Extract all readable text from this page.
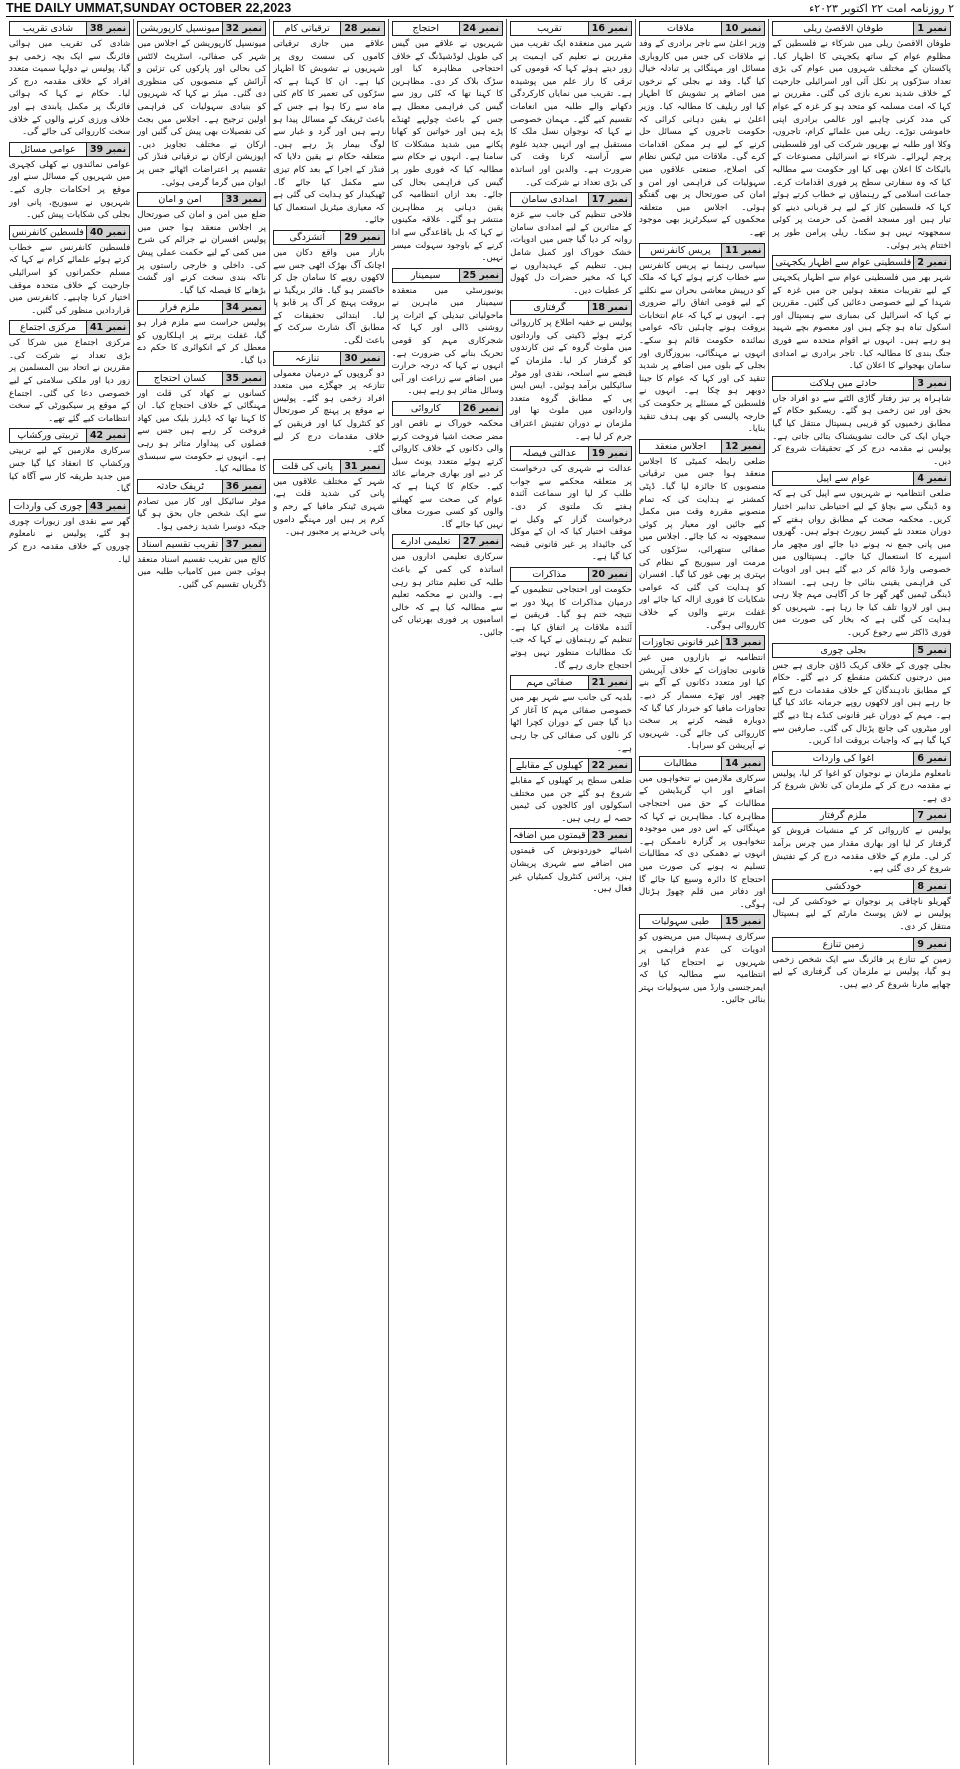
THE DAILY UMMAT,SUNDAY OCTOBER 22,2023	۲ روزنامہ امت ۲۲ اکتوبر ۲۰۲۳ء
نمبر 1
طوفان الاقصیٰ ریلی

طوفان الاقصیٰ ریلی میں شرکاء نے فلسطین کے مظلوم عوام کے ساتھ یکجہتی کا اظہار کیا۔ پاکستان کے مختلف شہروں میں عوام کی بڑی تعداد سڑکوں پر نکل آئی اور اسرائیلی جارحیت کے خلاف شدید نعرے بازی کی گئی۔ مقررین نے کہا کہ امت مسلمہ کو متحد ہو کر غزہ کے عوام کی مدد کرنی چاہیے اور عالمی برادری اپنی خاموشی توڑے۔ ریلی میں علمائے کرام، تاجروں، وکلا اور طلبہ نے بھرپور شرکت کی اور فلسطینی پرچم لہرائے۔ شرکاء نے اسرائیلی مصنوعات کے بائیکاٹ کا اعلان بھی کیا اور حکومت سے مطالبہ کیا کہ وہ سفارتی سطح پر فوری اقدامات کرے۔ جماعت اسلامی کے رہنماؤں نے خطاب کرتے ہوئے کہا کہ فلسطین کاز کے لیے ہر قربانی دینے کو تیار ہیں اور مسجد اقصیٰ کی حرمت پر کوئی سمجھوتہ نہیں ہو سکتا۔ ریلی پرامن طور پر اختتام پذیر ہوئی۔

نمبر 2
فلسطینی عوام سے اظہار یکجہتی

شہر بھر میں فلسطینی عوام سے اظہار یکجہتی کے لیے تقریبات منعقد ہوئیں جن میں غزہ کے شہدا کے لیے خصوصی دعائیں کی گئیں۔ مقررین نے کہا کہ اسرائیل کی بمباری سے ہسپتال اور اسکول تباہ ہو چکے ہیں اور معصوم بچے شہید ہو رہے ہیں۔ انہوں نے اقوام متحدہ سے فوری جنگ بندی کا مطالبہ کیا۔ تاجر برادری نے امدادی سامان بھجوانے کا اعلان کیا۔

نمبر 3
حادثے میں ہلاکت

شاہراہ پر تیز رفتار گاڑی الٹنے سے دو افراد جاں بحق اور تین زخمی ہو گئے۔ ریسکیو حکام کے مطابق زخمیوں کو قریبی ہسپتال منتقل کیا گیا جہاں ایک کی حالت تشویشناک بتائی جاتی ہے۔ پولیس نے مقدمہ درج کر کے تحقیقات شروع کر دیں۔

نمبر 4
عوام سے اپیل

ضلعی انتظامیہ نے شہریوں سے اپیل کی ہے کہ وہ ڈینگی سے بچاؤ کے لیے احتیاطی تدابیر اختیار کریں۔ محکمہ صحت کے مطابق رواں ہفتے کے دوران متعدد نئے کیسز رپورٹ ہوئے ہیں۔ گھروں میں پانی جمع نہ ہونے دیا جائے اور مچھر مار اسپرے کا استعمال کیا جائے۔ ہسپتالوں میں خصوصی وارڈ قائم کر دیے گئے ہیں اور ادویات کی فراہمی یقینی بنائی جا رہی ہے۔ انسداد ڈینگی ٹیمیں گھر گھر جا کر آگاہی مہم چلا رہی ہیں اور لاروا تلف کیا جا رہا ہے۔ شہریوں کو ہدایت کی گئی ہے کہ بخار کی صورت میں فوری ڈاکٹر سے رجوع کریں۔

نمبر 5
بجلی چوری

بجلی چوری کے خلاف کریک ڈاؤن جاری ہے جس میں درجنوں کنکشن منقطع کر دیے گئے۔ حکام کے مطابق نادہندگان کے خلاف مقدمات درج کیے جا رہے ہیں اور لاکھوں روپے جرمانہ عائد کیا گیا ہے۔ مہم کے دوران غیر قانونی کنڈے ہٹا دیے گئے اور میٹروں کی جانچ پڑتال کی گئی۔ صارفین سے کہا گیا ہے کہ واجبات بروقت ادا کریں۔

نمبر 6
اغوا کی واردات

نامعلوم ملزمان نے نوجوان کو اغوا کر لیا، پولیس نے مقدمہ درج کر کے ملزمان کی تلاش شروع کر دی ہے۔

نمبر 7
ملزم گرفتار

پولیس نے کارروائی کر کے منشیات فروش کو گرفتار کر لیا اور بھاری مقدار میں چرس برآمد کر لی۔ ملزم کے خلاف مقدمہ درج کر کے تفتیش شروع کر دی گئی ہے۔

نمبر 8
خودکشی

گھریلو ناچاقی پر نوجوان نے خودکشی کر لی، پولیس نے لاش پوسٹ مارٹم کے لیے ہسپتال منتقل کر دی۔

نمبر 9
زمین تنازع

زمین کے تنازع پر فائرنگ سے ایک شخص زخمی ہو گیا، پولیس نے ملزمان کی گرفتاری کے لیے چھاپے مارنا شروع کر دیے ہیں۔

نمبر 10
ملاقات

وزیر اعلیٰ سے تاجر برادری کے وفد نے ملاقات کی جس میں کاروباری مسائل اور مہنگائی پر تبادلہ خیال کیا گیا۔ وفد نے بجلی کے نرخوں میں اضافے پر تشویش کا اظہار کیا اور ریلیف کا مطالبہ کیا۔ وزیر اعلیٰ نے یقین دہانی کرائی کہ حکومت تاجروں کے مسائل حل کرنے کے لیے ہر ممکن اقدامات کرے گی۔ ملاقات میں ٹیکس نظام کی اصلاح، صنعتی علاقوں میں سہولیات کی فراہمی اور امن و امان کی صورتحال پر بھی گفتگو ہوئی۔ اجلاس میں متعلقہ محکموں کے سیکرٹریز بھی موجود تھے۔

نمبر 11
پریس کانفرنس

سیاسی رہنما نے پریس کانفرنس سے خطاب کرتے ہوئے کہا کہ ملک کو درپیش معاشی بحران سے نکلنے کے لیے قومی اتفاق رائے ضروری ہے۔ انہوں نے کہا کہ عام انتخابات بروقت ہونے چاہئیں تاکہ عوامی نمائندہ حکومت قائم ہو سکے۔ انہوں نے مہنگائی، بیروزگاری اور بجلی کے بلوں میں اضافے پر شدید تنقید کی اور کہا کہ عوام کا جینا دوبھر ہو چکا ہے۔ انہوں نے فلسطین کے مسئلے پر حکومت کی خارجہ پالیسی کو بھی ہدف تنقید بنایا۔

نمبر 12
اجلاس منعقد

ضلعی رابطہ کمیٹی کا اجلاس منعقد ہوا جس میں ترقیاتی منصوبوں کا جائزہ لیا گیا۔ ڈپٹی کمشنر نے ہدایت کی کہ تمام منصوبے مقررہ وقت میں مکمل کیے جائیں اور معیار پر کوئی سمجھوتہ نہ کیا جائے۔ اجلاس میں صفائی ستھرائی، سڑکوں کی مرمت اور سیوریج کے نظام کی بہتری پر بھی غور کیا گیا۔ افسران کو ہدایت کی گئی کہ عوامی شکایات کا فوری ازالہ کیا جائے اور غفلت برتنے والوں کے خلاف کارروائی ہوگی۔

نمبر 13
غیر قانونی تجاوزات

انتظامیہ نے بازاروں میں غیر قانونی تجاوزات کے خلاف آپریشن کیا اور متعدد دکانوں کے آگے بنے چھپر اور تھڑے مسمار کر دیے۔ تجاوزات مافیا کو خبردار کیا گیا کہ دوبارہ قبضہ کرنے پر سخت کارروائی کی جائے گی۔ شہریوں نے آپریشن کو سراہا۔

نمبر 14
مطالبات

سرکاری ملازمین نے تنخواہوں میں اضافے اور اپ گریڈیشن کے مطالبات کے حق میں احتجاجی مظاہرہ کیا۔ مظاہرین نے کہا کہ مہنگائی کے اس دور میں موجودہ تنخواہوں پر گزارہ ناممکن ہے۔ انہوں نے دھمکی دی کہ مطالبات تسلیم نہ ہونے کی صورت میں احتجاج کا دائرہ وسیع کیا جائے گا اور دفاتر میں قلم چھوڑ ہڑتال ہوگی۔

نمبر 15
طبی سہولیات

سرکاری ہسپتال میں مریضوں کو ادویات کی عدم فراہمی پر شہریوں نے احتجاج کیا اور انتظامیہ سے مطالبہ کیا کہ ایمرجنسی وارڈ میں سہولیات بہتر بنائی جائیں۔

نمبر 16
تقریب

شہر میں منعقدہ ایک تقریب میں مقررین نے تعلیم کی اہمیت پر زور دیتے ہوئے کہا کہ قوموں کی ترقی کا راز علم میں پوشیدہ ہے۔ تقریب میں نمایاں کارکردگی دکھانے والے طلبہ میں انعامات تقسیم کیے گئے۔ مہمان خصوصی نے کہا کہ نوجوان نسل ملک کا مستقبل ہے اور انہیں جدید علوم سے آراستہ کرنا وقت کی ضرورت ہے۔ والدین اور اساتذہ کی بڑی تعداد نے شرکت کی۔

نمبر 17
امدادی سامان

فلاحی تنظیم کی جانب سے غزہ کے متاثرین کے لیے امدادی سامان روانہ کر دیا گیا جس میں ادویات، خشک خوراک اور کمبل شامل ہیں۔ تنظیم کے عہدیداروں نے کہا کہ مخیر حضرات دل کھول کر عطیات دیں۔

نمبر 18
گرفتاری

پولیس نے خفیہ اطلاع پر کارروائی کرتے ہوئے ڈکیتی کی وارداتوں میں ملوث گروہ کے تین کارندوں کو گرفتار کر لیا۔ ملزمان کے قبضے سے اسلحہ، نقدی اور موٹر سائیکلیں برآمد ہوئیں۔ ایس ایس پی کے مطابق گروہ متعدد وارداتوں میں ملوث تھا اور ملزمان نے دوران تفتیش اعتراف جرم کر لیا ہے۔

نمبر 19
عدالتی فیصلہ

عدالت نے شہری کی درخواست پر متعلقہ محکمے سے جواب طلب کر لیا اور سماعت آئندہ ہفتے تک ملتوی کر دی۔ درخواست گزار کے وکیل نے موقف اختیار کیا کہ ان کے موکل کی جائیداد پر غیر قانونی قبضہ کیا گیا ہے۔

نمبر 20
مذاکرات

حکومت اور احتجاجی تنظیموں کے درمیان مذاکرات کا پہلا دور بے نتیجہ ختم ہو گیا۔ فریقین نے آئندہ ملاقات پر اتفاق کیا ہے۔ تنظیم کے رہنماؤں نے کہا کہ جب تک مطالبات منظور نہیں ہوتے احتجاج جاری رہے گا۔

نمبر 21
صفائی مہم

بلدیہ کی جانب سے شہر بھر میں خصوصی صفائی مہم کا آغاز کر دیا گیا جس کے دوران کچرا اٹھا کر نالوں کی صفائی کی جا رہی ہے۔

نمبر 22
کھیلوں کے مقابلے

ضلعی سطح پر کھیلوں کے مقابلے شروع ہو گئے جن میں مختلف اسکولوں اور کالجوں کی ٹیمیں حصہ لے رہی ہیں۔

نمبر 23
قیمتوں میں اضافہ

اشیائے خوردونوش کی قیمتوں میں اضافے سے شہری پریشان ہیں، پرائس کنٹرول کمیٹیاں غیر فعال ہیں۔

نمبر 24
احتجاج

شہریوں نے علاقے میں گیس کی طویل لوڈشیڈنگ کے خلاف احتجاجی مظاہرہ کیا اور سڑک بلاک کر دی۔ مظاہرین کا کہنا تھا کہ کئی روز سے گیس کی فراہمی معطل ہے جس کے باعث چولہے ٹھنڈے پڑے ہیں اور خواتین کو کھانا پکانے میں شدید مشکلات کا سامنا ہے۔ انہوں نے حکام سے مطالبہ کیا کہ فوری طور پر گیس کی فراہمی بحال کی جائے۔ بعد ازاں انتظامیہ کی یقین دہانی پر مظاہرین منتشر ہو گئے۔ علاقہ مکینوں نے کہا کہ بل باقاعدگی سے ادا کرنے کے باوجود سہولت میسر نہیں۔

نمبر 25
سیمینار

یونیورسٹی میں منعقدہ سیمینار میں ماہرین نے ماحولیاتی تبدیلی کے اثرات پر روشنی ڈالی اور کہا کہ شجرکاری مہم کو قومی تحریک بنانے کی ضرورت ہے۔ انہوں نے کہا کہ درجہ حرارت میں اضافے سے زراعت اور آبی وسائل متاثر ہو رہے ہیں۔

نمبر 26
کاروائی

محکمہ خوراک نے ناقص اور مضر صحت اشیا فروخت کرنے والی دکانوں کے خلاف کاروائی کرتے ہوئے متعدد یونٹ سیل کر دیے اور بھاری جرمانے عائد کیے۔ حکام کا کہنا ہے کہ عوام کی صحت سے کھیلنے والوں کو کسی صورت معاف نہیں کیا جائے گا۔

نمبر 27
تعلیمی ادارے

سرکاری تعلیمی اداروں میں اساتذہ کی کمی کے باعث طلبہ کی تعلیم متاثر ہو رہی ہے۔ والدین نے محکمہ تعلیم سے مطالبہ کیا ہے کہ خالی اسامیوں پر فوری بھرتیاں کی جائیں۔

نمبر 28
ترقیاتی کام

علاقے میں جاری ترقیاتی کاموں کی سست روی پر شہریوں نے تشویش کا اظہار کیا ہے۔ ان کا کہنا ہے کہ سڑکوں کی تعمیر کا کام کئی ماہ سے رکا ہوا ہے جس کے باعث ٹریفک کے مسائل پیدا ہو رہے ہیں اور گرد و غبار سے لوگ بیمار پڑ رہے ہیں۔ متعلقہ حکام نے یقین دلایا کہ فنڈز کے اجرا کے بعد کام تیزی سے مکمل کیا جائے گا۔ ٹھیکیدار کو ہدایت کی گئی ہے کہ معیاری میٹریل استعمال کیا جائے۔

نمبر 29
آتشزدگی

بازار میں واقع دکان میں اچانک آگ بھڑک اٹھی جس سے لاکھوں روپے کا سامان جل کر خاکستر ہو گیا۔ فائر بریگیڈ نے بروقت پہنچ کر آگ پر قابو پا لیا۔ ابتدائی تحقیقات کے مطابق آگ شارٹ سرکٹ کے باعث لگی۔

نمبر 30
تنازعہ

دو گروپوں کے درمیان معمولی تنازعہ پر جھگڑے میں متعدد افراد زخمی ہو گئے۔ پولیس نے موقع پر پہنچ کر صورتحال کو کنٹرول کیا اور فریقین کے خلاف مقدمات درج کر لیے گئے۔

نمبر 31
پانی کی قلت

شہر کے مختلف علاقوں میں پانی کی شدید قلت ہے، شہری ٹینکر مافیا کے رحم و کرم پر ہیں اور مہنگے داموں پانی خریدنے پر مجبور ہیں۔

نمبر 32
میونسپل کارپوریشن

میونسپل کارپوریشن کے اجلاس میں شہر کی صفائی، اسٹریٹ لائٹس کی بحالی اور پارکوں کی تزئین و آرائش کے منصوبوں کی منظوری دی گئی۔ میئر نے کہا کہ شہریوں کو بنیادی سہولیات کی فراہمی اولین ترجیح ہے۔ اجلاس میں بجٹ کی تفصیلات بھی پیش کی گئیں اور ارکان نے مختلف تجاویز دیں۔ اپوزیشن ارکان نے ترقیاتی فنڈز کی تقسیم پر اعتراضات اٹھائے جس پر ایوان میں گرما گرمی ہوئی۔

نمبر 33
امن و امان

ضلع میں امن و امان کی صورتحال پر اجلاس منعقد ہوا جس میں پولیس افسران نے جرائم کی شرح میں کمی کے لیے حکمت عملی پیش کی۔ داخلی و خارجی راستوں پر ناکہ بندی سخت کرنے اور گشت بڑھانے کا فیصلہ کیا گیا۔

نمبر 34
ملزم فرار

پولیس حراست سے ملزم فرار ہو گیا، غفلت برتنے پر اہلکاروں کو معطل کر کے انکوائری کا حکم دے دیا گیا۔

نمبر 35
کسان احتجاج

کسانوں نے کھاد کی قلت اور مہنگائی کے خلاف احتجاج کیا۔ ان کا کہنا تھا کہ ڈیلرز بلیک میں کھاد فروخت کر رہے ہیں جس سے فصلوں کی پیداوار متاثر ہو رہی ہے۔ انہوں نے حکومت سے سبسڈی کا مطالبہ کیا۔

نمبر 36
ٹریفک حادثہ

موٹر سائیکل اور کار میں تصادم سے ایک شخص جاں بحق ہو گیا جبکہ دوسرا شدید زخمی ہوا۔

نمبر 37
تقریب تقسیم اسناد

کالج میں تقریب تقسیم اسناد منعقد ہوئی جس میں کامیاب طلبہ میں ڈگریاں تقسیم کی گئیں۔

نمبر 38
شادی تقریب

شادی کی تقریب میں ہوائی فائرنگ سے ایک بچہ زخمی ہو گیا، پولیس نے دولہا سمیت متعدد افراد کے خلاف مقدمہ درج کر لیا۔ حکام نے کہا کہ ہوائی فائرنگ پر مکمل پابندی ہے اور خلاف ورزی کرنے والوں کے خلاف سخت کارروائی کی جائے گی۔

نمبر 39
عوامی مسائل

عوامی نمائندوں نے کھلی کچہری میں شہریوں کے مسائل سنے اور موقع پر احکامات جاری کیے۔ شہریوں نے سیوریج، پانی اور بجلی کی شکایات پیش کیں۔

نمبر 40
فلسطین کانفرنس

فلسطین کانفرنس سے خطاب کرتے ہوئے علمائے کرام نے کہا کہ مسلم حکمرانوں کو اسرائیلی جارحیت کے خلاف متحدہ موقف اختیار کرنا چاہیے۔ کانفرنس میں قراردادیں منظور کی گئیں۔

نمبر 41
مرکزی اجتماع

مرکزی اجتماع میں شرکا کی بڑی تعداد نے شرکت کی۔ مقررین نے اتحاد بین المسلمین پر زور دیا اور ملکی سلامتی کے لیے خصوصی دعا کی گئی۔ اجتماع کے موقع پر سیکیورٹی کے سخت انتظامات کیے گئے تھے۔

نمبر 42
تربیتی ورکشاپ

سرکاری ملازمین کے لیے تربیتی ورکشاپ کا انعقاد کیا گیا جس میں جدید طریقہ کار سے آگاہ کیا گیا۔

نمبر 43
چوری کی واردات

گھر سے نقدی اور زیورات چوری ہو گئے، پولیس نے نامعلوم چوروں کے خلاف مقدمہ درج کر لیا۔
